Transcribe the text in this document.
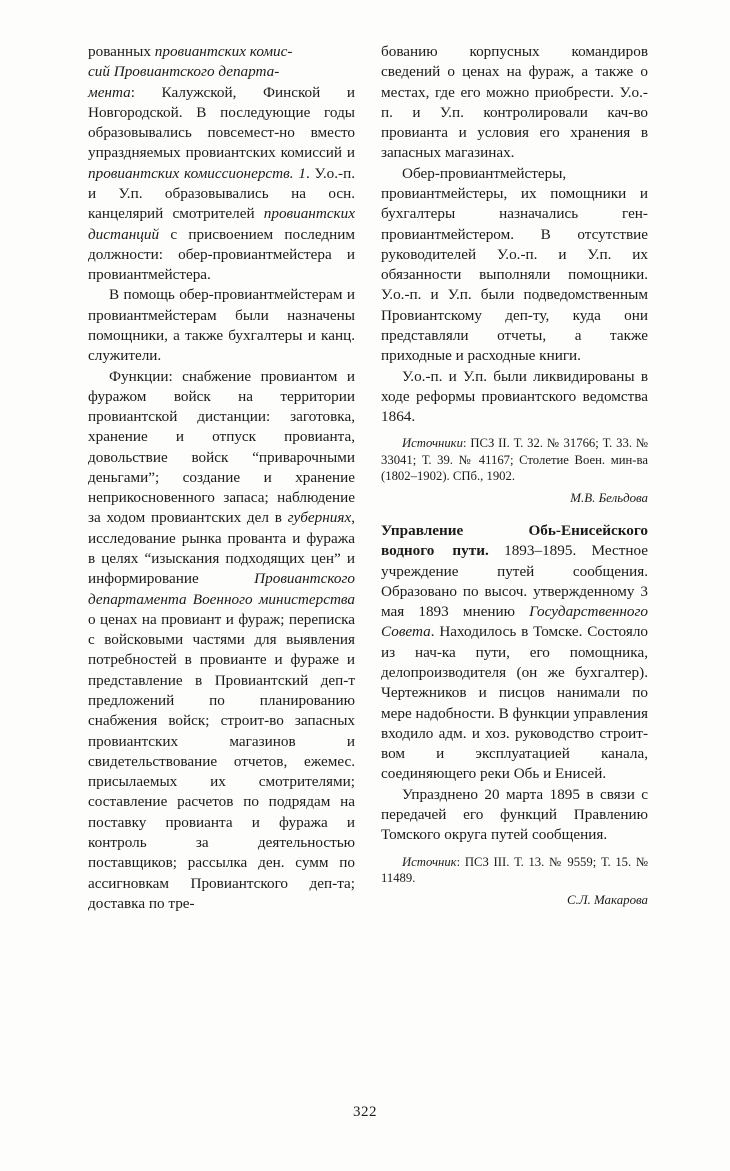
рованных провиантских комис-
сий Провиантского департа-
мента: Калужской, Финской и Новгородской. В последующие годы образовывались повсемест-но вместо упраздняемых провиантских комиссий и провиантских комиссионерств. 1. У.о.-п. и У.п. образовывались на осн. канцелярий смотрителей провиантских дистанций с присвоением последним должности: обер-провиантмейстера и провиантмейстера.

В помощь обер-провиантмейстерам и провиантмейстерам были назначены помощники, а также бухгалтеры и канц. служители.

Функции: снабжение провиантом и фуражом войск на территории провиантской дистанции: заготовка, хранение и отпуск провианта, довольствие войск “приварочными деньгами”; создание и хранение неприкосновенного запаса; наблюдение за ходом провиантских дел в губерниях, исследование рынка прованта и фуража в целях “изыскания подходящих цен” и информирование Провиантского департамента Военного министерства о ценах на провиант и фураж; переписка с войсковыми частями для выявления потребностей в провианте и фураже и представление в Провиантский деп-т предложений по планированию снабжения войск; строит-во запасных провиантских магазинов и свидетельствование отчетов, ежемес. присылаемых их смотрителями; составление расчетов по подрядам на поставку провианта и фуража и контроль за деятельностью поставщиков; рассылка ден. сумм по ассигновкам Провиантского деп-та; доставка по тре-

бованию корпусных командиров сведений о ценах на фураж, а также о местах, где его можно приобрести. У.о.-п. и У.п. контролировали кач-во провианта и условия его хранения в запасных магазинах.

Обер-провиантмейстеры, провиантмейстеры, их помощники и бухгалтеры назначались ген-провиантмейстером. В отсутствие руководителей У.о.-п. и У.п. их обязанности выполняли помощники. У.о.-п. и У.п. были подведомственным Провиантскому деп-ту, куда они представляли отчеты, а также приходные и расходные книги.

У.о.-п. и У.п. были ликвидированы в ходе реформы провиантского ведомства 1864.

Источники: ПСЗ II. Т. 32. № 31766; Т. 33. № 33041; Т. 39. № 41167; Столетие Воен. мин-ва (1802–1902). СПб., 1902.

М.В. Бельдова

Управление Обь-Енисейского водного пути. 1893–1895. Местное учреждение путей сообщения. Образовано по высоч. утвержденному 3 мая 1893 мнению Государственного Совета. Находилось в Томске. Состояло из нач-ка пути, его помощника, делопроизводителя (он же бухгалтер). Чертежников и писцов нанимали по мере надобности. В функции управления входило адм. и хоз. руководство строит-вом и эксплуатацией канала, соединяющего реки Обь и Енисей.

Упразднено 20 марта 1895 в связи с передачей его функций Правлению Томского округа путей сообщения.

Источник: ПСЗ III. Т. 13. № 9559; Т. 15. № 11489.

С.Л. Макарова

322
